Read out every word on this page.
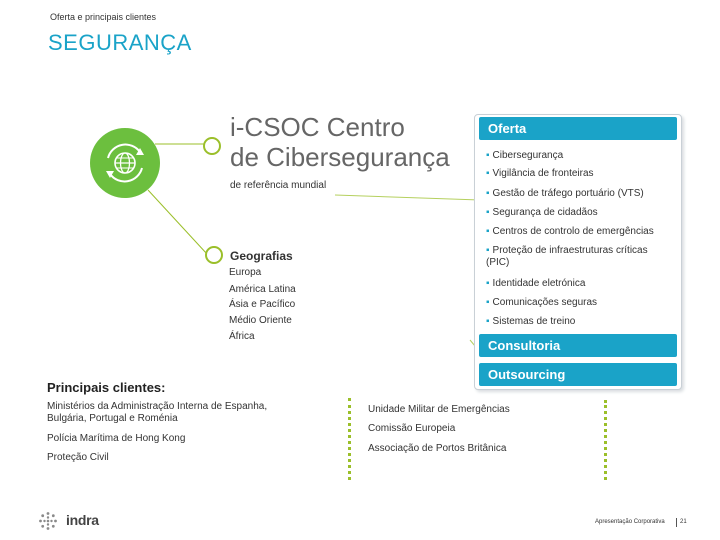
Oferta e principais clientes
SEGURANÇA
i-CSOC Centro
de Cibersegurança
de referência mundial
Geografias
Europa
América Latina
Ásia e Pacífico
Médio Oriente
África
Oferta
Consultoria
Outsourcing
▪ Cibersegurança
▪ Vigilância de fronteiras
▪ Gestão de tráfego portuário (VTS)
▪ Segurança de cidadãos
▪ Centros de controlo de emergências
▪ Proteção de infraestruturas críticas (PIC)
▪ Identidade eletrónica
▪ Comunicações seguras
▪ Sistemas de treino
Principais clientes:
Ministérios da Administração Interna de Espanha, Bulgária, Portugal e Roménia
Polícia Marítima de Hong Kong
Proteção Civil
Unidade Militar de Emergências
Comissão Europeia
Associação de Portos Britânica
indra	Apresentação Corporativa	21
